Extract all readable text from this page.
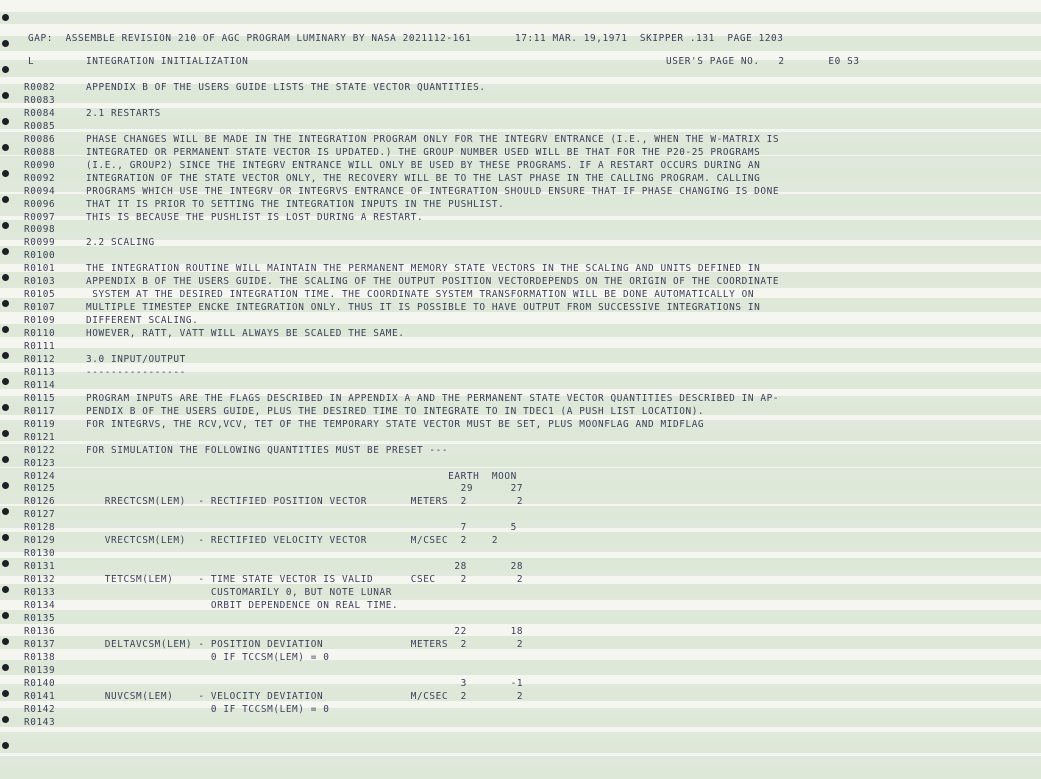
GAP:  ASSEMBLE REVISION 210 OF AGC PROGRAM LUMINARY BY NASA 2021112-161       17:11 MAR. 19,1971  SKIPPER .131  PAGE 1203
L	INTEGRATION INITIALIZATION	USER'S PAGE NO.   2       E0 S3
R0082	APPENDIX B OF THE USERS GUIDE LISTS THE STATE VECTOR QUANTITIES.
R0083
R0084	2.1 RESTARTS
R0085
R0086	PHASE CHANGES WILL BE MADE IN THE INTEGRATION PROGRAM ONLY FOR THE INTEGRV ENTRANCE (I.E., WHEN THE W-MATRIX IS
R0088	INTEGRATED OR PERMANENT STATE VECTOR IS UPDATED.) THE GROUP NUMBER USED WILL BE THAT FOR THE P20-25 PROGRAMS
R0090	(I.E., GROUP2) SINCE THE INTEGRV ENTRANCE WILL ONLY BE USED BY THESE PROGRAMS. IF A RESTART OCCURS DURING AN
R0092	INTEGRATION OF THE STATE VECTOR ONLY, THE RECOVERY WILL BE TO THE LAST PHASE IN THE CALLING PROGRAM. CALLING
R0094	PROGRAMS WHICH USE THE INTEGRV OR INTEGRVS ENTRANCE OF INTEGRATION SHOULD ENSURE THAT IF PHASE CHANGING IS DONE
R0096	THAT IT IS PRIOR TO SETTING THE INTEGRATION INPUTS IN THE PUSHLIST.
R0097	THIS IS BECAUSE THE PUSHLIST IS LOST DURING A RESTART.
R0098
R0099	2.2 SCALING
R0100
R0101	THE INTEGRATION ROUTINE WILL MAINTAIN THE PERMANENT MEMORY STATE VECTORS IN THE SCALING AND UNITS DEFINED IN
R0103	APPENDIX B OF THE USERS GUIDE. THE SCALING OF THE OUTPUT POSITION VECTORDEPENDS ON THE ORIGIN OF THE COORDINATE
R0105	SYSTEM AT THE DESIRED INTEGRATION TIME. THE COORDINATE SYSTEM TRANSFORMATION WILL BE DONE AUTOMATICALLY ON
R0107	MULTIPLE TIMESTEP ENCKE INTEGRATION ONLY. THUS IT IS POSSIBLE TO HAVE OUTPUT FROM SUCCESSIVE INTEGRATIONS IN
R0109	DIFFERENT SCALING.
R0110	HOWEVER, RATT, VATT WILL ALWAYS BE SCALED THE SAME.
R0111
R0112	3.0 INPUT/OUTPUT
R0113	----------------
R0114
R0115	PROGRAM INPUTS ARE THE FLAGS DESCRIBED IN APPENDIX A AND THE PERMANENT STATE VECTOR QUANTITIES DESCRIBED IN AP-
R0117	PENDIX B OF THE USERS GUIDE, PLUS THE DESIRED TIME TO INTEGRATE TO IN TDEC1 (A PUSH LIST LOCATION).
R0119	FOR INTEGRVS, THE RCV,VCV, TET OF THE TEMPORARY STATE VECTOR MUST BE SET, PLUS MOONFLAG AND MIDFLAG
R0121
R0122	FOR SIMULATION THE FOLLOWING QUANTITIES MUST BE PRESET ---
R0123
R0124	EARTH  MOON
R0125	29      27
R0126	RRECTCSM(LEM)  - RECTIFIED POSITION VECTOR       METERS  2        2
R0127
R0128	7       5
R0129	VRECTCSM(LEM)  - RECTIFIED VELOCITY VECTOR       M/CSEC  2    2
R0130
R0131	28       28
R0132	TETCSM(LEM)    - TIME STATE VECTOR IS VALID      CSEC    2        2
R0133	CUSTOMARILY 0, BUT NOTE LUNAR
R0134	ORBIT DEPENDENCE ON REAL TIME.
R0135
R0136	22       18
R0137	DELTAVCSM(LEM) - POSITION DEVIATION              METERS  2        2
R0138	0 IF TCCSM(LEM) = 0
R0139
R0140	3       -1
R0141	NUVCSM(LEM)    - VELOCITY DEVIATION              M/CSEC  2        2
R0142	0 IF TCCSM(LEM) = 0
R0143
